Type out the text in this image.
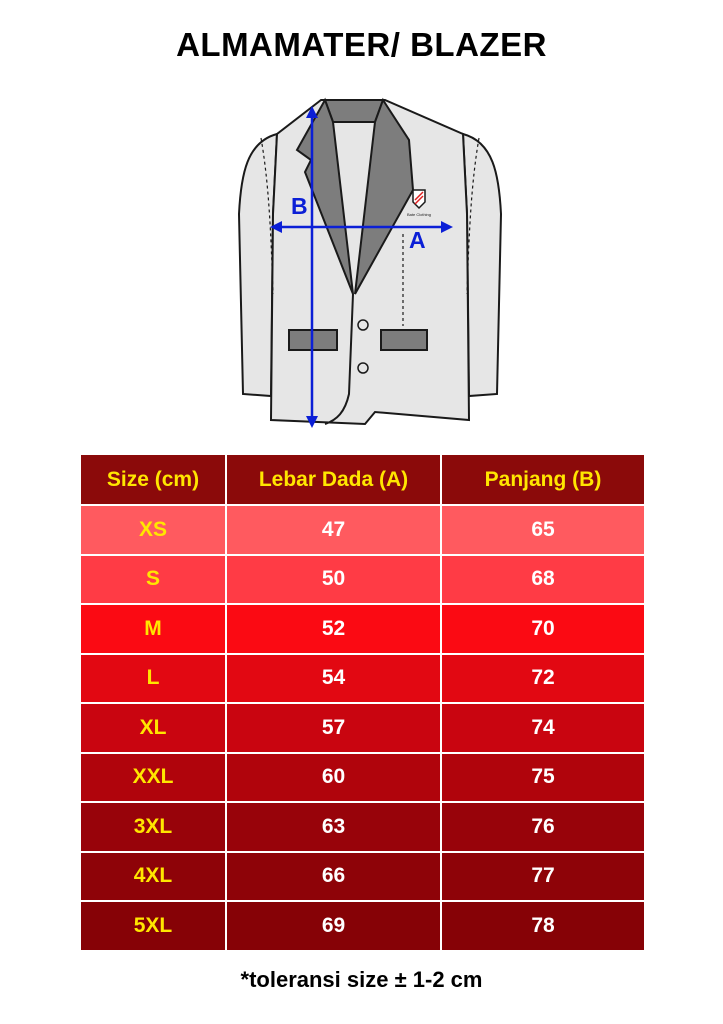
ALMAMATER/ BLAZER
Bate Clothing
B
A
Size (cm)	Lebar Dada (A)	Panjang (B)
XS	47	65
S	50	68
M	52	70
L	54	72
XL	57	74
XXL	60	75
3XL	63	76
4XL	66	77
5XL	69	78
*toleransi size ± 1-2 cm
